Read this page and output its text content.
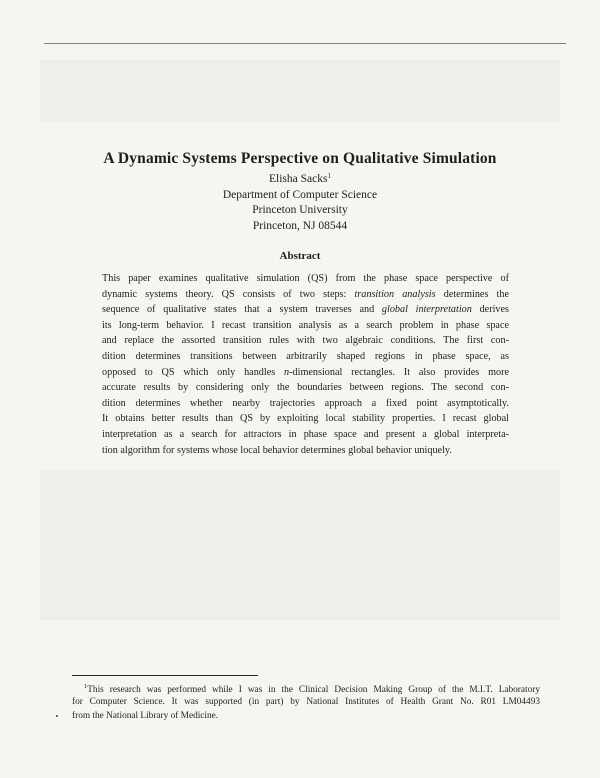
A Dynamic Systems Perspective on Qualitative Simulation
Elisha Sacks$^1$
Department of Computer Science
Princeton University
Princeton, NJ 08544
Abstract
This paper examines qualitative simulation (QS) from the phase space perspective of
dynamic systems theory. QS consists of two steps: transition analysis determines the
sequence of qualitative states that a system traverses and global interpretation derives
its long-term behavior. I recast transition analysis as a search problem in phase space
and replace the assorted transition rules with two algebraic conditions. The first con-
dition determines transitions between arbitrarily shaped regions in phase space, as
opposed to QS which only handles n-dimensional rectangles. It also provides more
accurate results by considering only the boundaries between regions. The second con-
dition determines whether nearby trajectories approach a fixed point asymptotically.
It obtains better results than QS by exploiting local stability properties. I recast global
interpretation as a search for attractors in phase space and present a global interpreta-
tion algorithm for systems whose local behavior determines global behavior uniquely.
$^1$This research was performed while I was in the Clinical Decision Making Group of the M.I.T. Laboratory
for Computer Science. It was supported (in part) by National Institutes of Health Grant No. R01 LM04493
from the National Library of Medicine.
